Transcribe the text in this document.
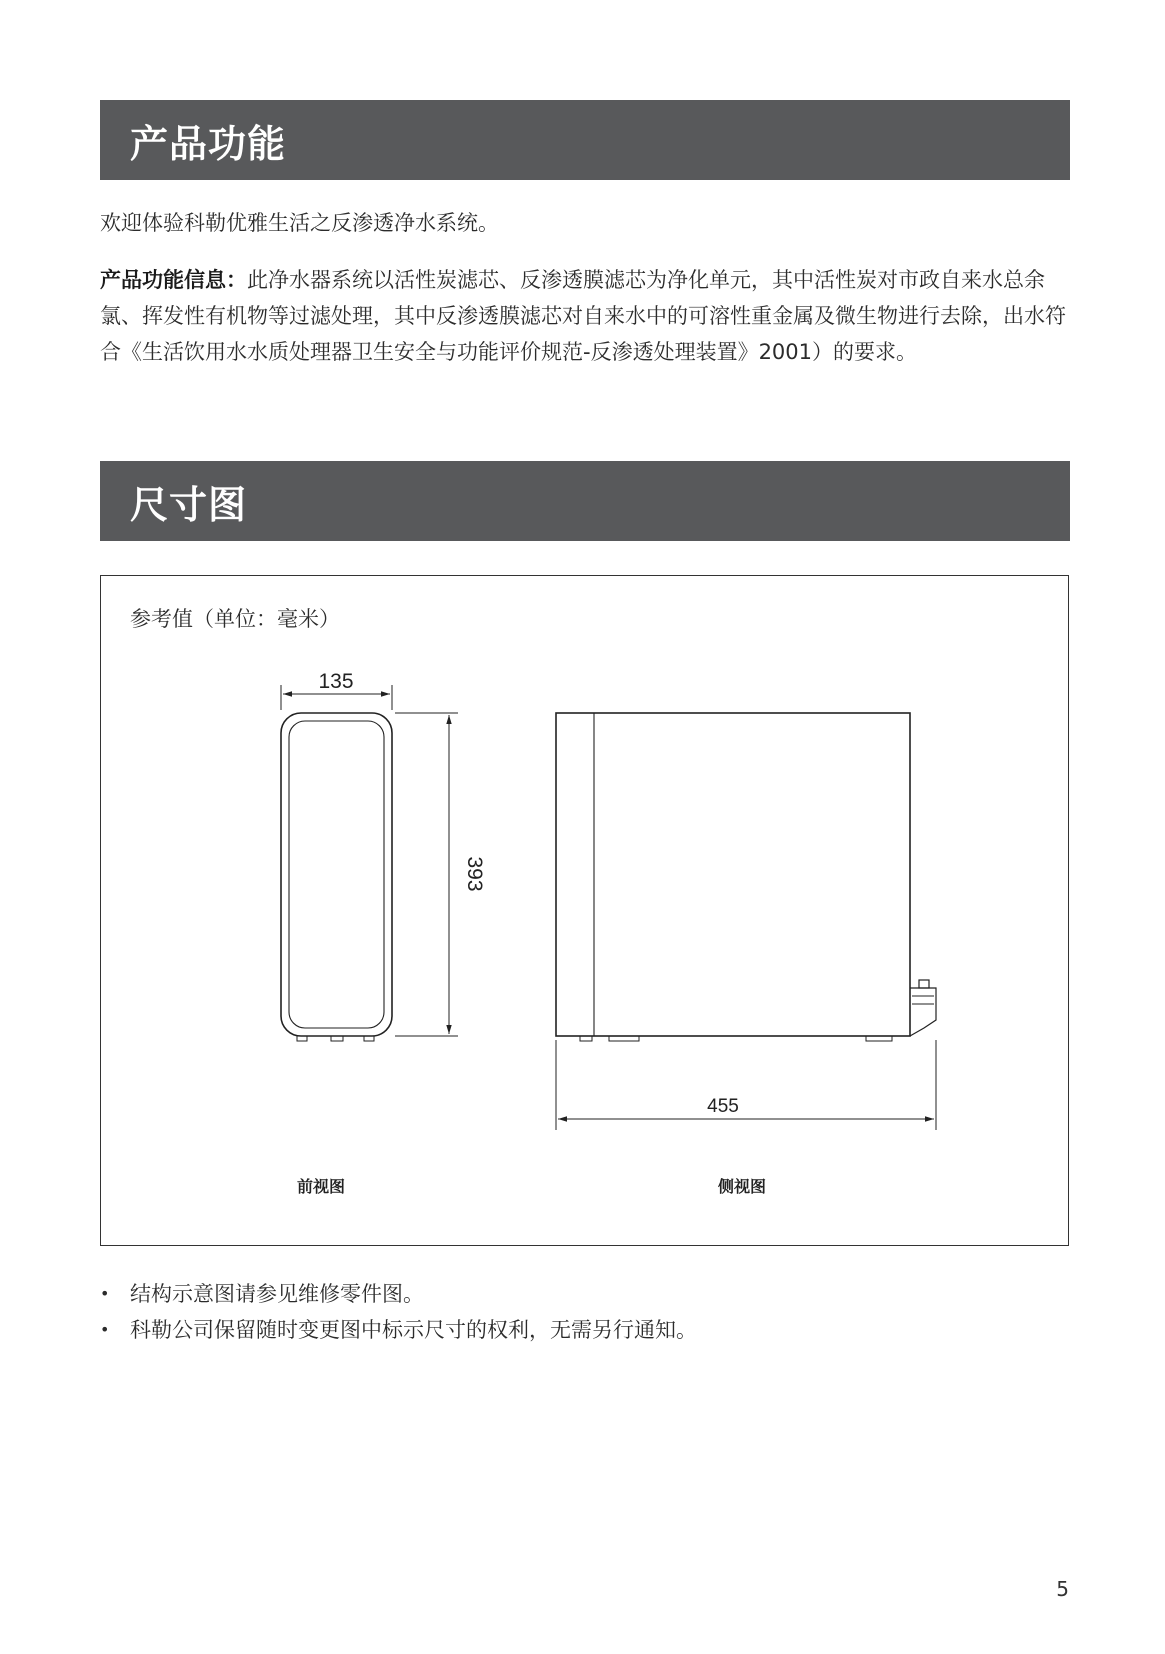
产品功能
欢迎体验科勒优雅生活之反渗透净水系统。
产品功能信息：此净水器系统以活性炭滤芯、反渗透膜滤芯为净化单元，其中活性炭对市政自来水总余氯、挥发性有机物等过滤处理，其中反渗透膜滤芯对自来水中的可溶性重金属及微生物进行去除，出水符合《生活饮用水水质处理器卫生安全与功能评价规范-反渗透处理装置》2001）的要求。
尺寸图
参考值（单位：毫米）
135
393
455
前视图	侧视图
• 结构示意图请参见维修零件图。
• 科勒公司保留随时变更图中标示尺寸的权利，无需另行通知。
5
